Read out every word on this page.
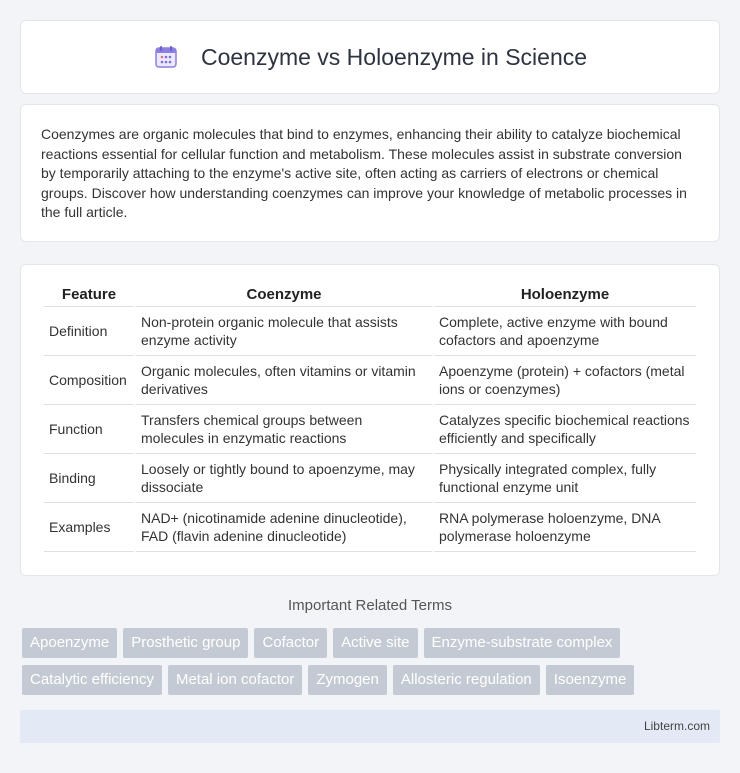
Coenzyme vs Holoenzyme in Science

Coenzymes are organic molecules that bind to enzymes, enhancing their ability to catalyze biochemical reactions essential for cellular function and metabolism. These molecules assist in substrate conversion by temporarily attaching to the enzyme's active site, often acting as carriers of electrons or chemical groups. Discover how understanding coenzymes can improve your knowledge of metabolic processes in the full article.

Feature	Coenzyme	Holoenzyme
Definition	Non-protein organic molecule that assists enzyme activity	Complete, active enzyme with bound cofactors and apoenzyme
Composition	Organic molecules, often vitamins or vitamin derivatives	Apoenzyme (protein) + cofactors (metal ions or coenzymes)
Function	Transfers chemical groups between molecules in enzymatic reactions	Catalyzes specific biochemical reactions efficiently and specifically
Binding	Loosely or tightly bound to apoenzyme, may dissociate	Physically integrated complex, fully functional enzyme unit
Examples	NAD+ (nicotinamide adenine dinucleotide), FAD (flavin adenine dinucleotide)	RNA polymerase holoenzyme, DNA polymerase holoenzyme
Important Related Terms
Apoenzyme	Prosthetic group	Cofactor	Active site	Enzyme-substrate complex
Catalytic efficiency	Metal ion cofactor	Zymogen	Allosteric regulation	Isoenzyme
Libterm.com
